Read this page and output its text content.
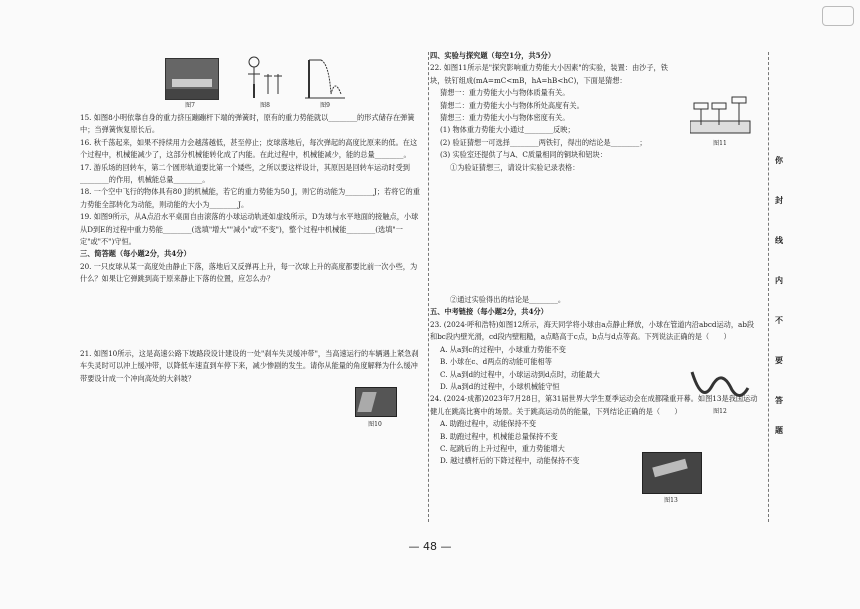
图7	图8	图9

15. 如图8小明依靠自身的重力挤压蹦蹦杆下端的弹簧时，原有的重力势能就以________的形式储存在弹簧中；当弹簧恢复原长后。

16. 秋千荡起来，如果不持续用力会越荡越低，甚至停止；皮球落地后，每次弹起的高度比原来的低。在这个过程中，机械能减少了，这部分机械能转化成了内能。在此过程中，机械能减少，能的总量________。

17. 游乐场的回转车，第二个圆形轨道要比第一个矮些，之所以要这样设计，其原因是回转车运动时受到________的作用，机械能总量________。

18. 一个空中飞行的物体具有80 J的机械能，若它的重力势能为50 J，则它的动能为________J；若将它的重力势能全部转化为动能，则动能的大小为________J。

19. 如图9所示，从A点沿水平桌面自由滚落的小球运动轨迹如虚线所示，D为球与水平地面的接触点，小球从D到E的过程中重力势能________(选填"增大""减小"或"不变")，整个过程中机械能________(选填"一定"或"不")守恒。

三、简答题（每小题2分，共4分）

20. 一只皮球从某一高度处由静止下落，落地后又反弹再上升，每一次球上升的高度都要比前一次小些，为什么？如果让它弹跳到高于原来静止下落的位置，应怎么办？

21. 如图10所示，这是高速公路下坡路段设计建设的一处"刹车失灵缓冲带"，当高速运行的车辆遇上紧急刹车失灵时可以冲上缓冲带，以降低车速直到车停下来，减少惨剧的发生。请你从能量的角度解释为什么缓冲带要设计成一个冲向高处的大斜坡？

图10

四、实验与探究题（每空1分，共5分）

22. 如图11所示是"探究影响重力势能大小因素"的实验，装置：由沙子，铁块，铁钉组成(mA=mC<mB，hA=hB<hC)，下面是猜想：

猜想一：重力势能大小与物体质量有关。

猜想二：重力势能大小与物体所处高度有关。

猜想三：重力势能大小与物体密度有关。

(1) 物体重力势能大小通过________反映；

(2) 验证猜想一可选择________两铁钉，得出的结论是________；

(3) 实验室还提供了与A、C质量相同的铜块和铝块：

①为验证猜想三，请设计实验记录表格：

②通过实验得出的结论是________。

五、中考链接（每小题2分，共4分）

23. (2024·呼和浩特)如图12所示，海天同学将小球由a点静止释放，小球在管道内沿abcd运动，ab段和bc段内壁光滑，cd段内壁粗糙，a点略高于c点，b点与d点等高。下列说法正确的是（　　）

A. 从a到c的过程中，小球重力势能不变

B. 小球在c、d两点的动能可能相等

C. 从a到d的过程中，小球运动到d点时，动能最大

D. 从a到d的过程中，小球机械能守恒

24. (2024·成都)2023年7月28日，第31届世界大学生夏季运动会在成都隆重开幕。如图13是我国运动健儿在跳高比赛中的场景。关于跳高运动员的能量，下列结论正确的是（　　）

A. 助跑过程中，动能保持不变

B. 助跑过程中，机械能总量保持不变

C. 起跳后的上升过程中，重力势能增大

D. 越过横杆后的下降过程中，动能保持不变

图11
图12
图13
你
封
线
内
不
要
答
题
— 48 —
